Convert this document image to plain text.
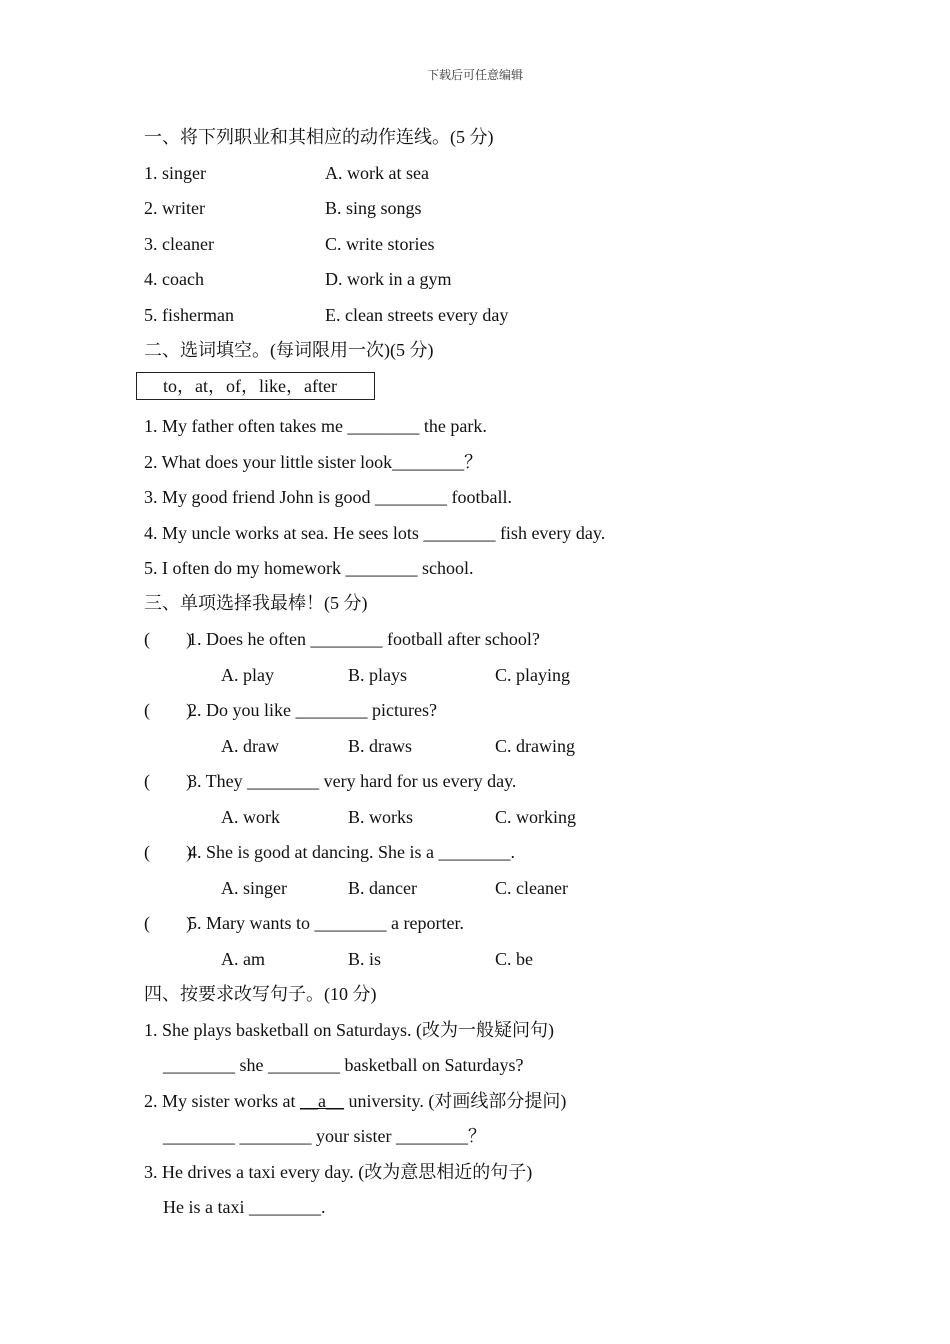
下载后可任意编辑
一、将下列职业和其相应的动作连线。(5 分)
1. singer	A. work at sea
2. writer	B. sing songs
3. cleaner	C. write stories
4. coach	D. work in a gym
5. fisherman	E. clean streets every day
二、选词填空。(每词限用一次)(5 分)
to，at，of，like，after
1. My father often takes me ________ the park.
2. What does your little sister look________？
3. My good friend John is good ________ football.
4. My uncle works at sea. He sees lots ________ fish every day.
5. I often do my homework ________ school.
三、单项选择我最棒！(5 分)
(　　)
1. Does he often ________ football after school?
A. play	B. plays	C. playing
(　　)
2. Do you like ________ pictures?
A. draw	B. draws	C. drawing
(　　)
3. They ________ very hard for us every day.
A. work	B. works	C. working
(　　)
4. She is good at dancing. She is a ________.
A. singer	B. dancer	C. cleaner
(　　)
5. Mary wants to ________ a reporter.
A. am	B. is	C. be
四、按要求改写句子。(10 分)
1. She plays basketball on Saturdays. (改为一般疑问句)
________ she ________ basketball on Saturdays?
2. My sister works at __a__ university. (对画线部分提问)
________ ________ your sister ________？
3. He drives a taxi every day. (改为意思相近的句子)
He is a taxi ________.
